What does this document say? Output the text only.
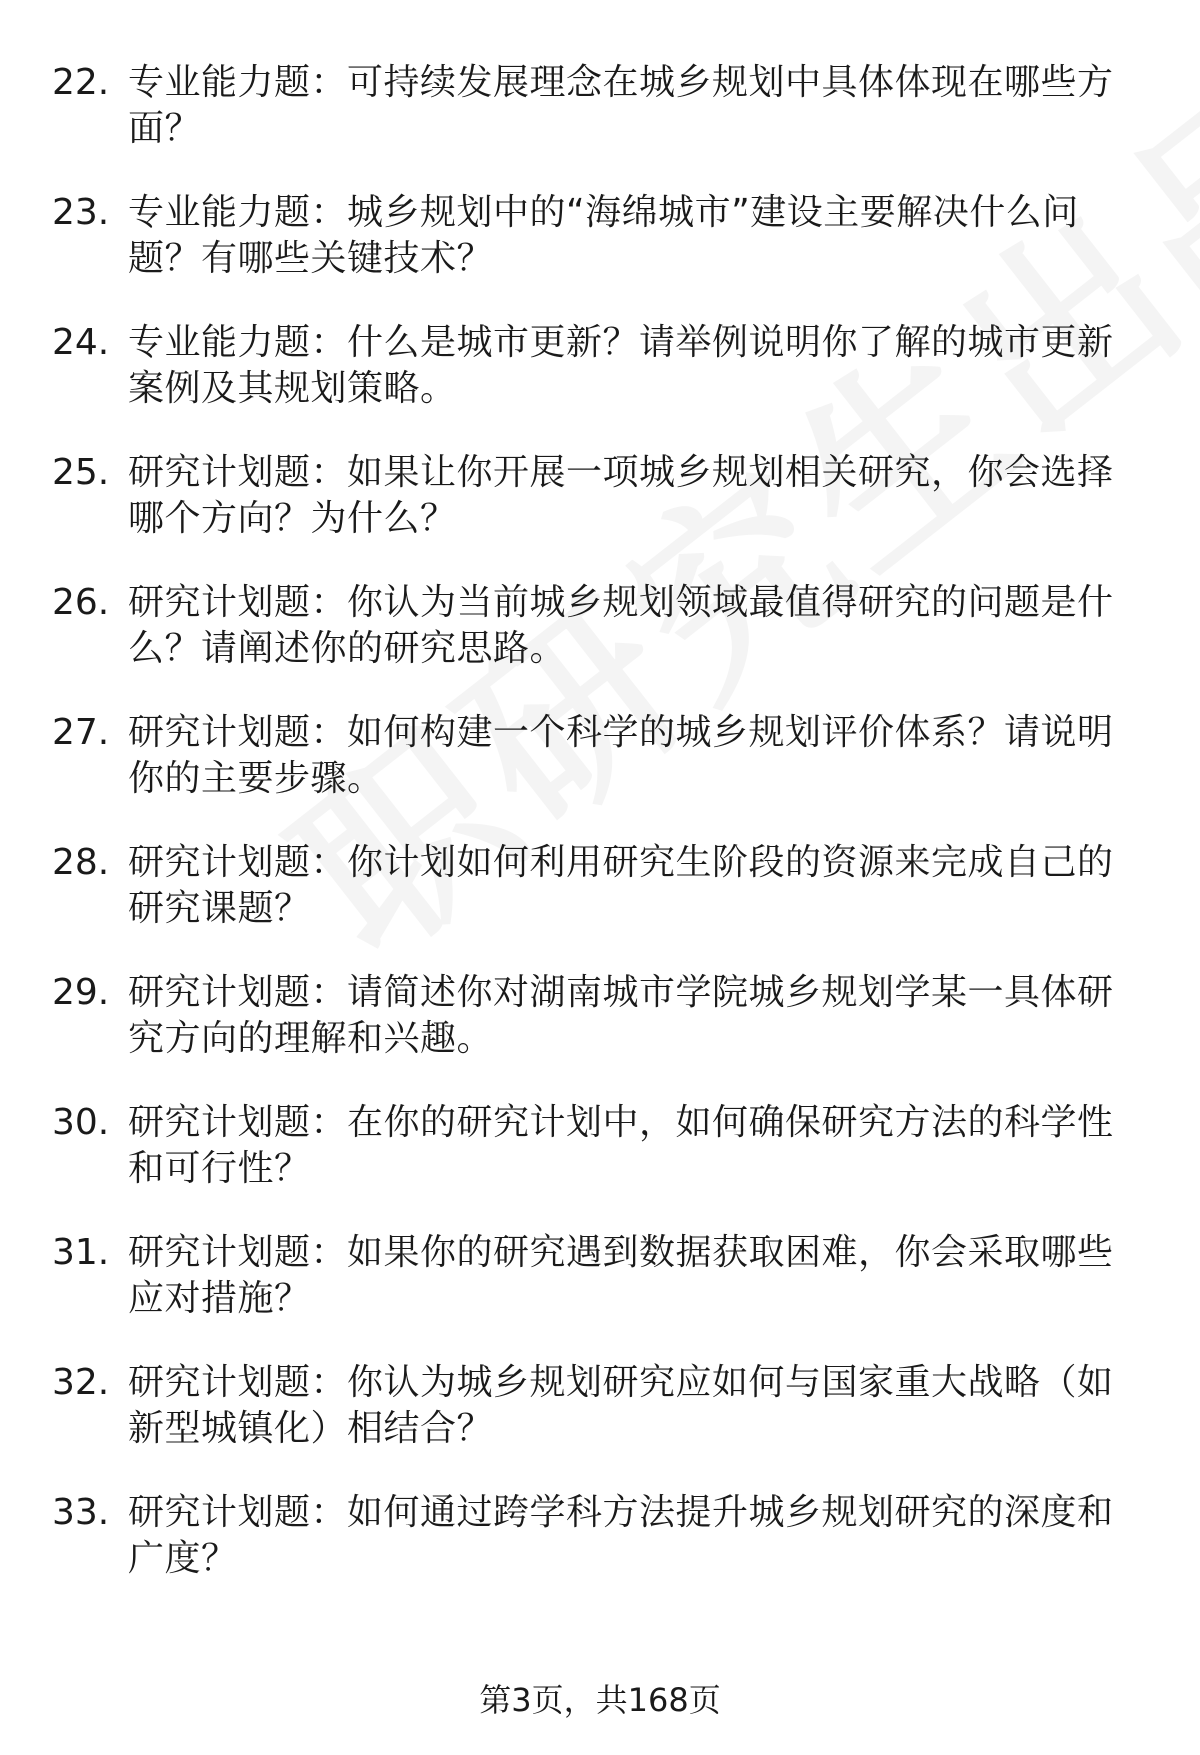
22. 专业能力题：可持续发展理念在城乡规划中具体体现在哪些方面？
23. 专业能力题：城乡规划中的“海绵城市”建设主要解决什么问题？有哪些关键技术？
24. 专业能力题：什么是城市更新？请举例说明你了解的城市更新案例及其规划策略。
25. 研究计划题：如果让你开展一项城乡规划相关研究，你会选择哪个方向？为什么？
26. 研究计划题：你认为当前城乡规划领域最值得研究的问题是什么？请阐述你的研究思路。
27. 研究计划题：如何构建一个科学的城乡规划评价体系？请说明你的主要步骤。
28. 研究计划题：你计划如何利用研究生阶段的资源来完成自己的研究课题？
29. 研究计划题：请简述你对湖南城市学院城乡规划学某一具体研究方向的理解和兴趣。
30. 研究计划题：在你的研究计划中，如何确保研究方法的科学性和可行性？
31. 研究计划题：如果你的研究遇到数据获取困难，你会采取哪些应对措施？
32. 研究计划题：你认为城乡规划研究应如何与国家重大战略（如新型城镇化）相结合？
33. 研究计划题：如何通过跨学科方法提升城乡规划研究的深度和广度？
第3页，共168页
